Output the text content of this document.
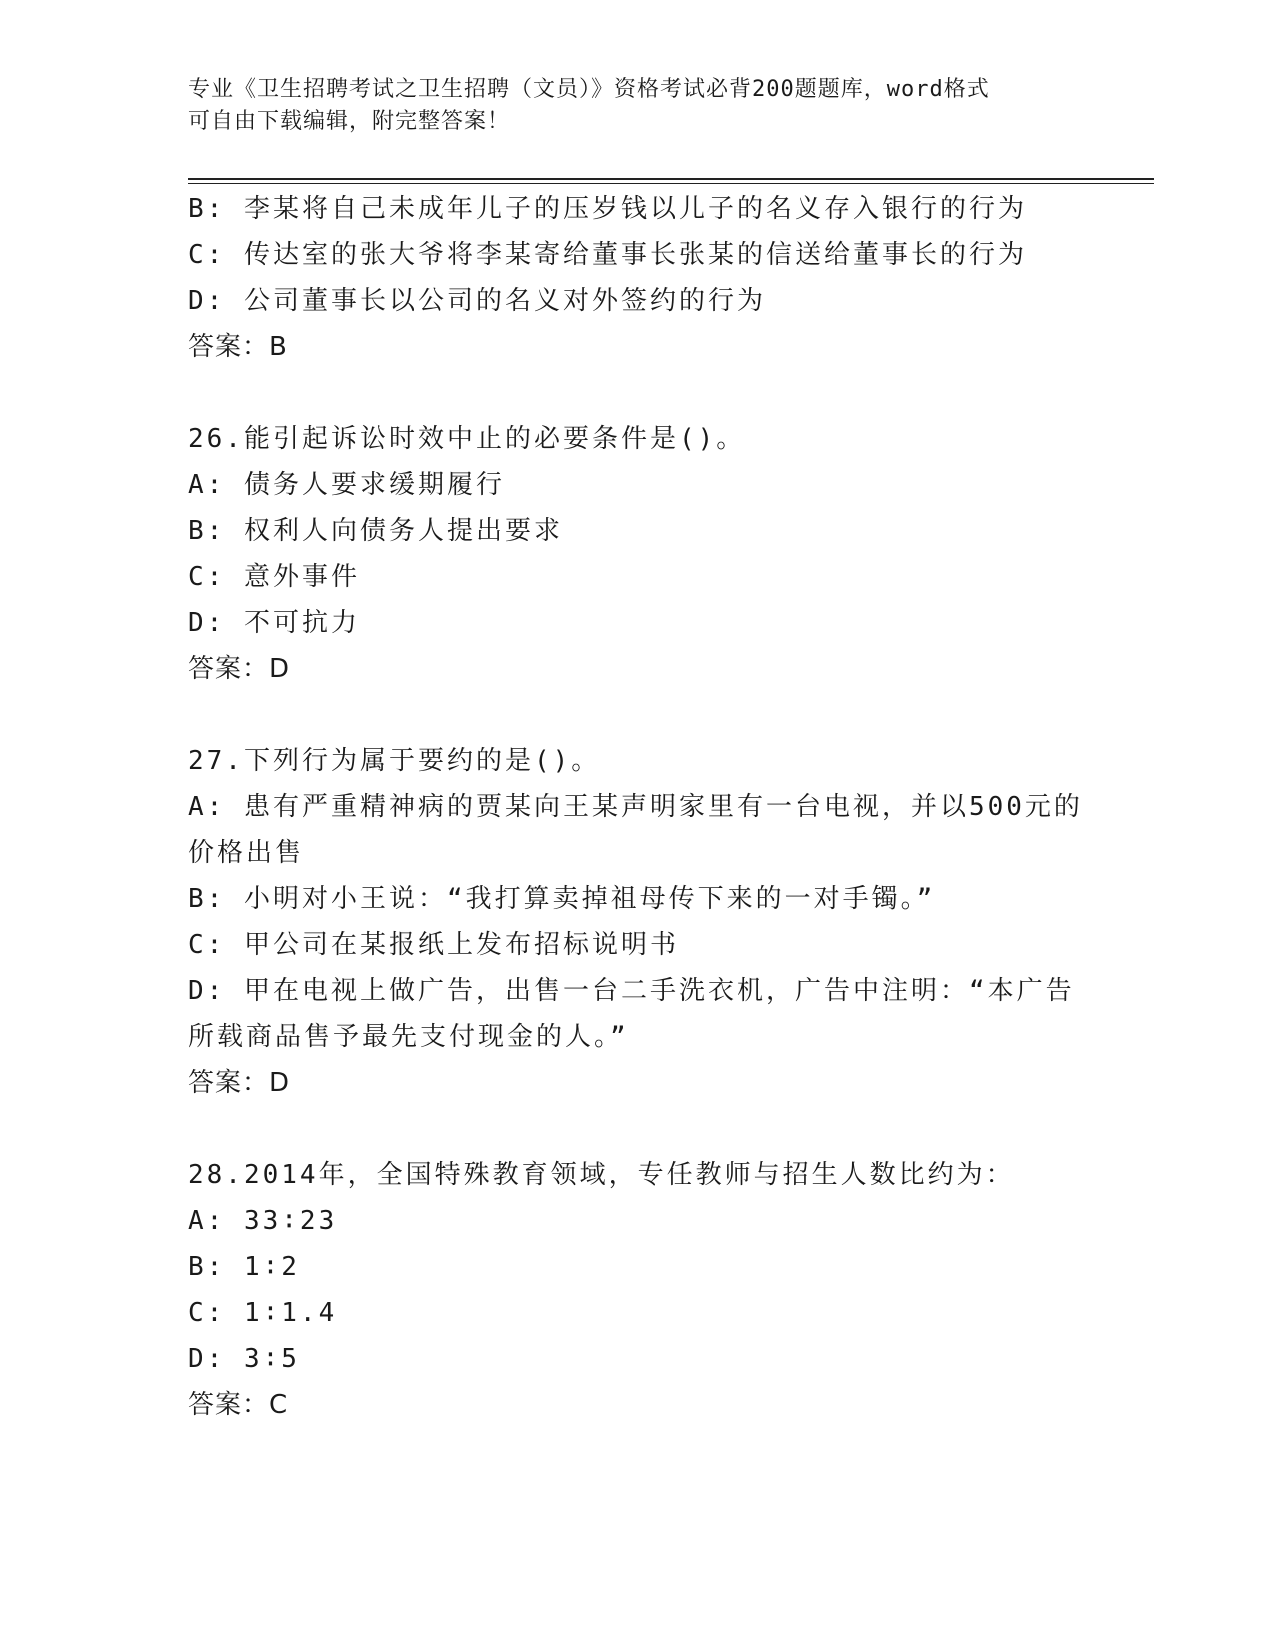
专业《卫生招聘考试之卫生招聘（文员）》资格考试必背200题题库，word格式
可自由下载编辑，附完整答案！
B: 李某将自己未成年儿子的压岁钱以儿子的名义存入银行的行为
C: 传达室的张大爷将李某寄给董事长张某的信送给董事长的行为
D: 公司董事长以公司的名义对外签约的行为
答案：B
26.能引起诉讼时效中止的必要条件是()。
A: 债务人要求缓期履行
B: 权利人向债务人提出要求
C: 意外事件
D: 不可抗力
答案：D
27.下列行为属于要约的是()。
A: 患有严重精神病的贾某向王某声明家里有一台电视，并以500元的
价格出售
B: 小明对小王说：“我打算卖掉祖母传下来的一对手镯。”
C: 甲公司在某报纸上发布招标说明书
D: 甲在电视上做广告，出售一台二手洗衣机，广告中注明：“本广告
所载商品售予最先支付现金的人。”
答案：D
28.2014年，全国特殊教育领域，专任教师与招生人数比约为：
A: 33∶23
B: 1∶2
C: 1∶1.4
D: 3∶5
答案：C
